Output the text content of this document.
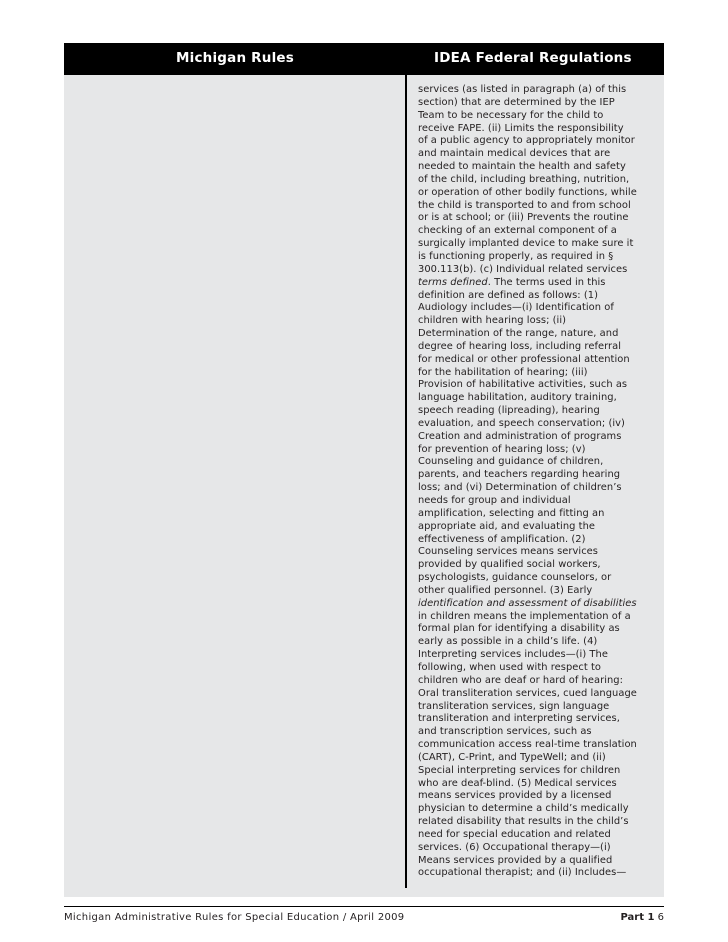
Michigan Rules	IDEA Federal Regulations
services (as listed in paragraph (a) of this
section) that are determined by the IEP
Team to be necessary for the child to
receive FAPE. (ii) Limits the responsibility
of a public agency to appropriately monitor
and maintain medical devices that are
needed to maintain the health and safety
of the child, including breathing, nutrition,
or operation of other bodily functions, while
the child is transported to and from school
or is at school; or (iii) Prevents the routine
checking of an external component of a
surgically implanted device to make sure it
is functioning properly, as required in §
300.113(b). (c) Individual related services
terms defined. The terms used in this
definition are defined as follows: (1)
Audiology includes—(i) Identification of
children with hearing loss; (ii)
Determination of the range, nature, and
degree of hearing loss, including referral
for medical or other professional attention
for the habilitation of hearing; (iii)
Provision of habilitative activities, such as
language habilitation, auditory training,
speech reading (lipreading), hearing
evaluation, and speech conservation; (iv)
Creation and administration of programs
for prevention of hearing loss; (v)
Counseling and guidance of children,
parents, and teachers regarding hearing
loss; and (vi) Determination of children’s
needs for group and individual
amplification, selecting and fitting an
appropriate aid, and evaluating the
effectiveness of amplification. (2)
Counseling services means services
provided by qualified social workers,
psychologists, guidance counselors, or
other qualified personnel. (3) Early
identification and assessment of disabilities
in children means the implementation of a
formal plan for identifying a disability as
early as possible in a child’s life. (4)
Interpreting services includes—(i) The
following, when used with respect to
children who are deaf or hard of hearing:
Oral transliteration services, cued language
transliteration services, sign language
transliteration and interpreting services,
and transcription services, such as
communication access real-time translation
(CART), C-Print, and TypeWell; and (ii)
Special interpreting services for children
who are deaf-blind. (5) Medical services
means services provided by a licensed
physician to determine a child’s medically
related disability that results in the child’s
need for special education and related
services. (6) Occupational therapy—(i)
Means services provided by a qualified
occupational therapist; and (ii) Includes—
Michigan Administrative Rules for Special Education / April 2009	Part 1 6
